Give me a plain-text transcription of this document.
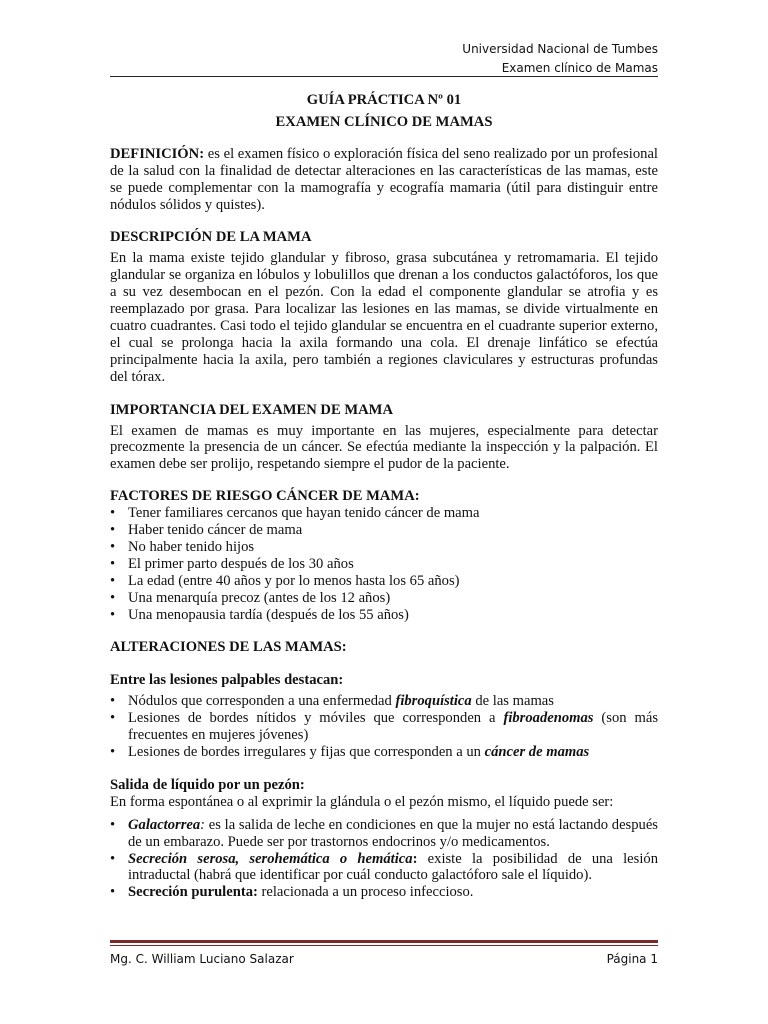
Universidad Nacional de Tumbes
Examen clínico de Mamas
GUÍA PRÁCTICA Nº 01
EXAMEN CLÍNICO DE MAMAS

DEFINICIÓN: es el examen físico o exploración física del seno realizado por un profesional de la salud con la finalidad de detectar alteraciones en las características de las mamas, este se puede complementar con la mamografía y ecografía mamaria (útil para distinguir entre nódulos sólidos y quistes).

DESCRIPCIÓN DE LA MAMA

En la mama existe tejido glandular y fibroso, grasa subcutánea y retromamaria. El tejido glandular se organiza en lóbulos y lobulillos que drenan a los conductos galactóforos, los que a su vez desembocan en el pezón. Con la edad el componente glandular se atrofia y es reemplazado por grasa. Para localizar las lesiones en las mamas, se divide virtualmente en cuatro cuadrantes. Casi todo el tejido glandular se encuentra en el cuadrante superior externo, el cual se prolonga hacia la axila formando una cola. El drenaje linfático se efectúa principalmente hacia la axila, pero también a regiones claviculares y estructuras profundas del tórax.

IMPORTANCIA DEL EXAMEN DE MAMA

El examen de mamas es muy importante en las mujeres, especialmente para detectar precozmente la presencia de un cáncer. Se efectúa mediante la inspección y la palpación. El examen debe ser prolijo, respetando siempre el pudor de la paciente.

FACTORES DE RIESGO CÁNCER DE MAMA:
• Tener familiares cercanos que hayan tenido cáncer de mama
• Haber tenido cáncer de mama
• No haber tenido hijos
• El primer parto después de los 30 años
• La edad (entre 40 años y por lo menos hasta los 65 años)
• Una menarquía precoz (antes de los 12 años)
• Una menopausia tardía (después de los 55 años)
ALTERACIONES DE LAS MAMAS:
Entre las lesiones palpables destacan:
• Nódulos que corresponden a una enfermedad fibroquística de las mamas
• Lesiones de bordes nítidos y móviles que corresponden a fibroadenomas (son más frecuentes en mujeres jóvenes)
• Lesiones de bordes irregulares y fijas que corresponden a un cáncer de mamas
Salida de líquido por un pezón:

En forma espontánea o al exprimir la glándula o el pezón mismo, el líquido puede ser:

• Galactorrea: es la salida de leche en condiciones en que la mujer no está lactando después de un embarazo. Puede ser por trastornos endocrinos y/o medicamentos.
• Secreción serosa, serohemática o hemática: existe la posibilidad de una lesión intraductal (habrá que identificar por cuál conducto galactóforo sale el líquido).
• Secreción purulenta: relacionada a un proceso infeccioso.
Mg. C. William Luciano Salazar	Página 1
